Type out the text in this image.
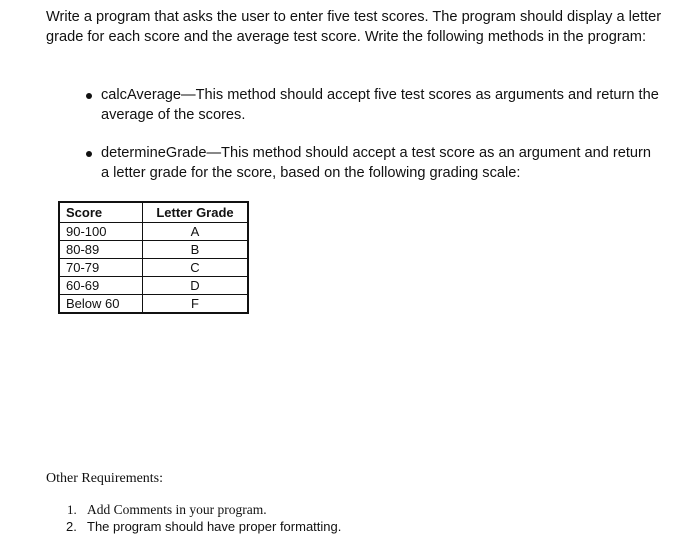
Write a program that asks the user to enter five test scores. The program should display a letter grade for each score and the average test score. Write the following methods in the program:
calcAverage—This method should accept five test scores as arguments and return the average of the scores.
determineGrade—This method should accept a test score as an argument and return a letter grade for the score, based on the following grading scale:
Score	Letter Grade
90-100	A
80-89	B
70-79	C
60-69	D
Below 60	F
Other Requirements:
1. Add Comments in your program.
2. The program should have proper formatting.
